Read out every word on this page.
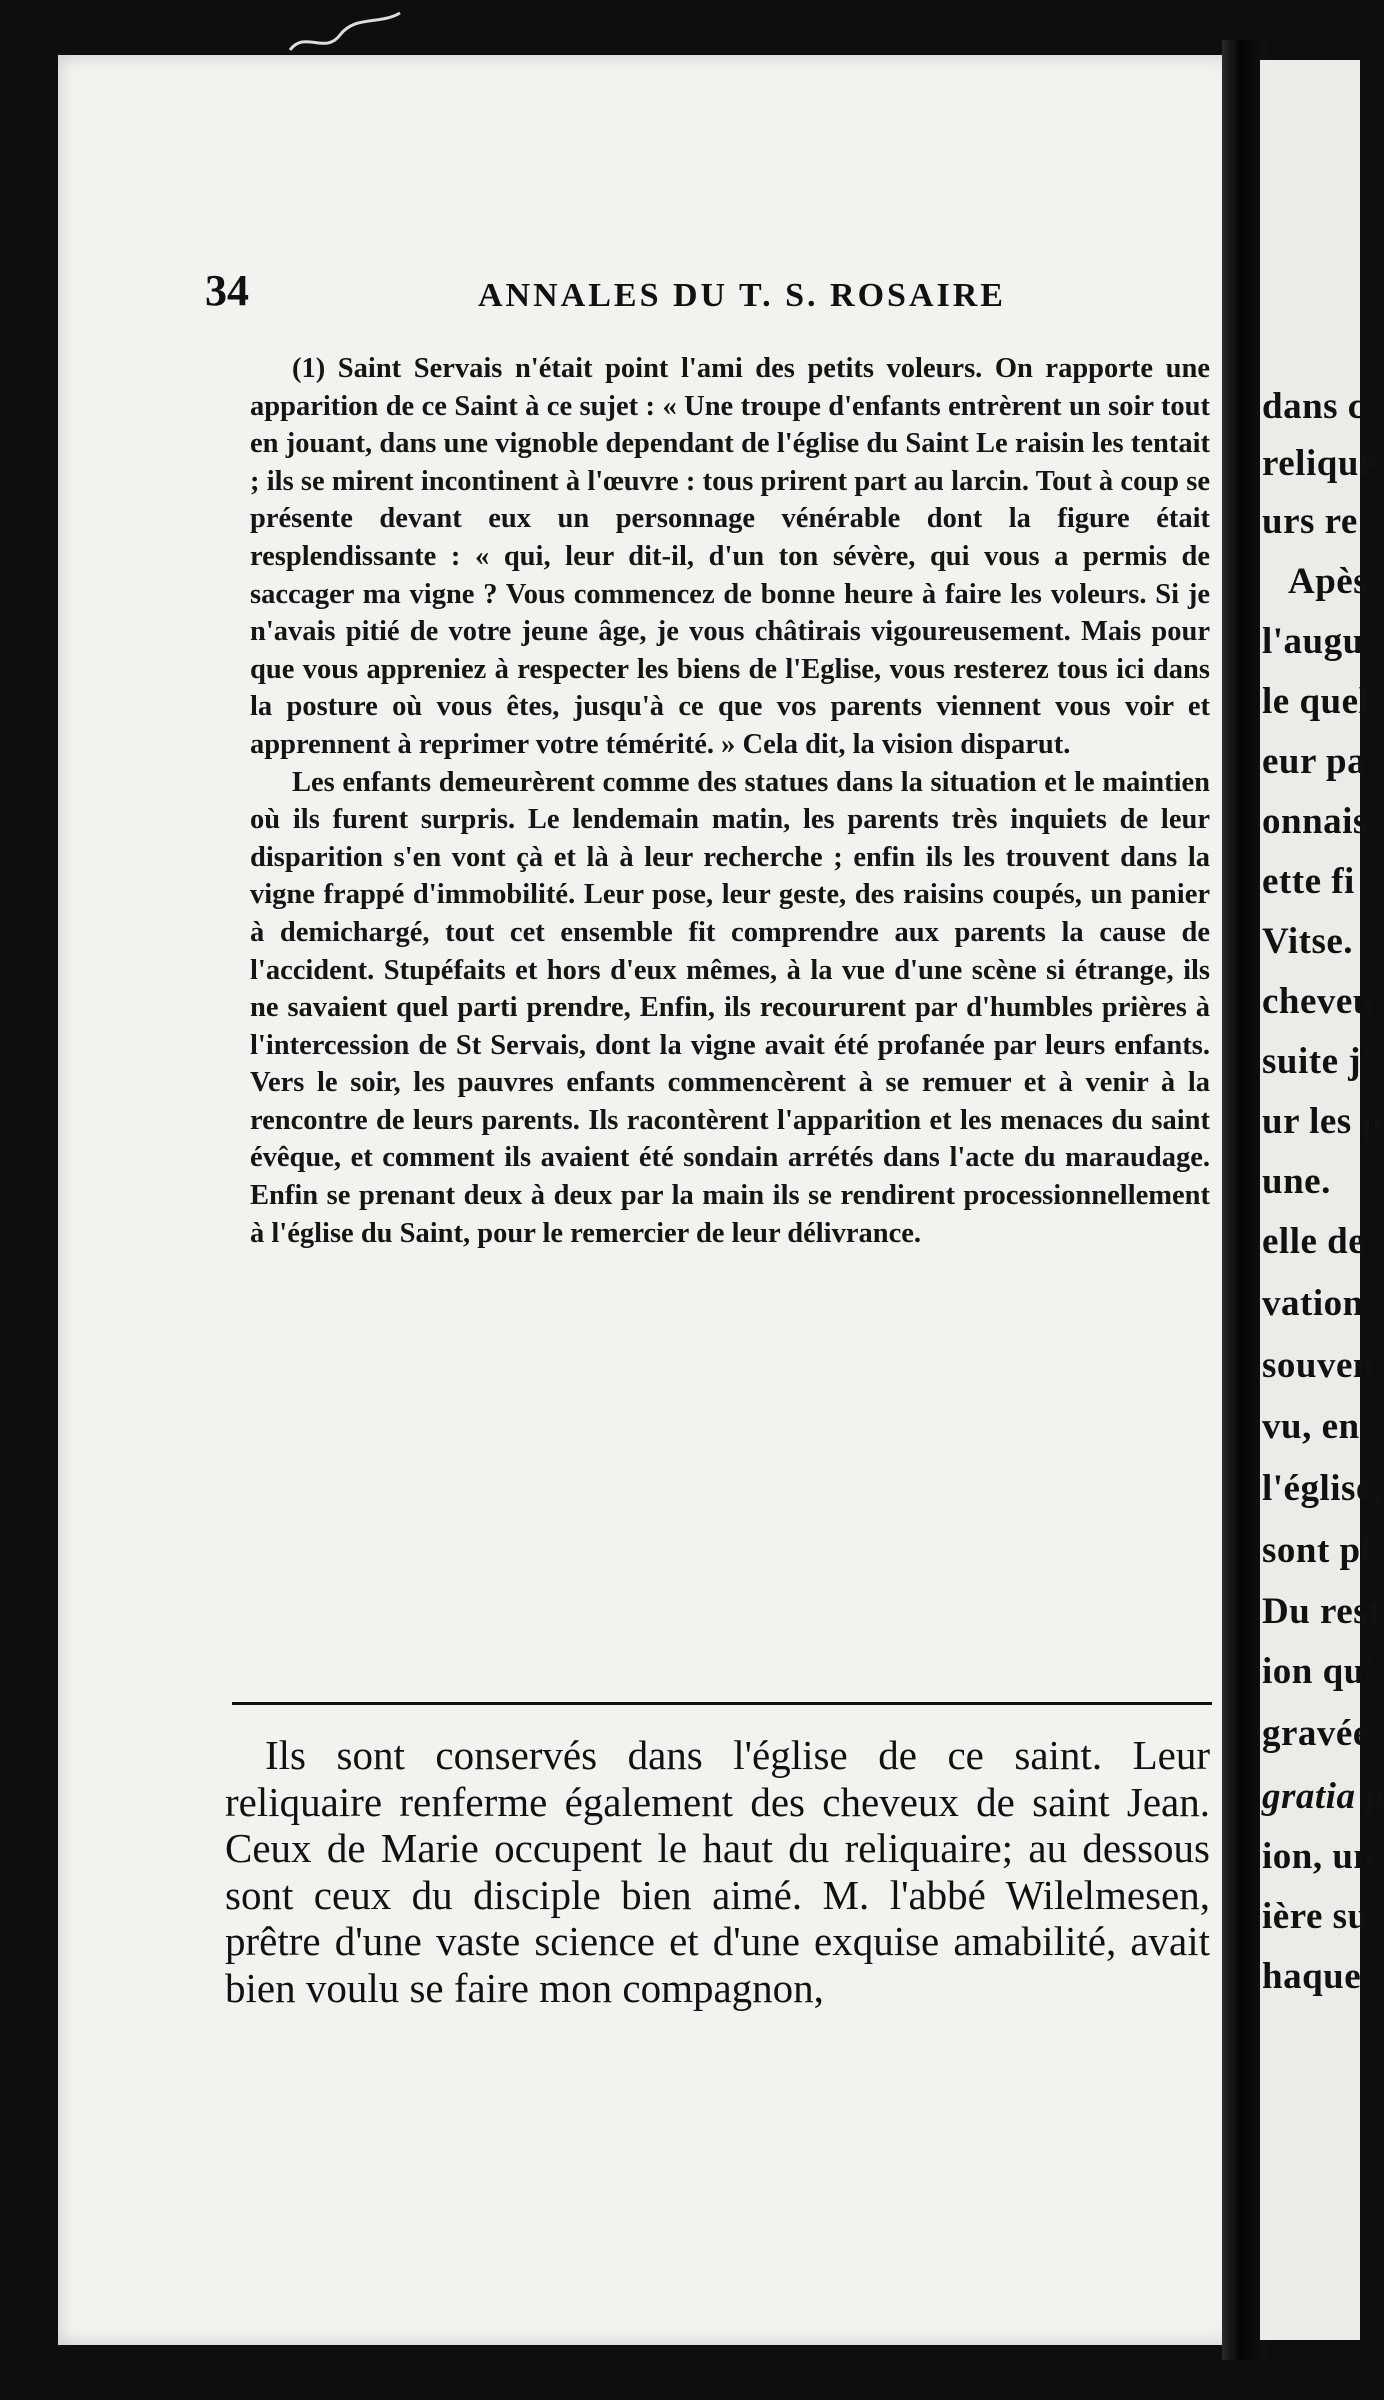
34	ANNALES DU T. S. ROSAIRE

(1) Saint Servais n'était point l'ami des petits voleurs. On rapporte une apparition de ce Saint à ce sujet : « Une troupe d'enfants entrèrent un soir tout en jouant, dans une vignoble dependant de l'église du Saint Le raisin les tentait ; ils se mirent incontinent à l'œuvre : tous prirent part au larcin. Tout à coup se présente devant eux un personnage vénérable dont la figure était resplendissante : « qui, leur dit-il, d'un ton sévère, qui vous a permis de saccager ma vigne ? Vous commencez de bonne heure à faire les voleurs. Si je n'avais pitié de votre jeune âge, je vous châtirais vigoureusement. Mais pour que vous appreniez à respecter les biens de l'Eglise, vous resterez tous ici dans la posture où vous êtes, jusqu'à ce que vos parents viennent vous voir et apprennent à reprimer votre témérité. » Cela dit, la vision disparut.

Les enfants demeurèrent comme des statues dans la situation et le maintien où ils furent surpris. Le lendemain matin, les parents très inquiets de leur disparition s'en vont çà et là à leur recherche ; enfin ils les trouvent dans la vigne frappé d'immobilité. Leur pose, leur geste, des raisins coupés, un panier à demichargé, tout cet ensemble fit comprendre aux parents la cause de l'accident. Stupéfaits et hors d'eux mêmes, à la vue d'une scène si étrange, ils ne savaient quel parti prendre, Enfin, ils recoururent par d'humbles prières à l'intercession de St Servais, dont la vigne avait été profanée par leurs enfants. Vers le soir, les pauvres enfants commencèrent à se remuer et à venir à la rencontre de leurs parents. Ils racontèrent l'apparition et les menaces du saint évêque, et comment ils avaient été sondain arrétés dans l'acte du maraudage. Enfin se prenant deux à deux par la main ils se rendirent processionnellement à l'église du Saint, pour le remercier de leur délivrance.

Ils sont conservés dans l'église de ce saint. Leur reliquaire renferme également des cheveux de saint Jean. Ceux de Marie occupent le haut du reliquaire; au dessous sont ceux du disciple bien aimé. M. l'abbé Wilelmesen, prêtre d'une vaste science et d'une exquise amabilité, avait bien voulu se faire mon compagnon,

dans c
relique
urs re
Apès
l'augu
le quel
eur pa
onnais
ette fi
Vitse.
cheveu
suite j'
ur les p
une.
elle de
vation
souven
vu, en
l'église,
sont pl
Du rest
ion qu'
gravée
gratia p
ion, un
ière su
haque
